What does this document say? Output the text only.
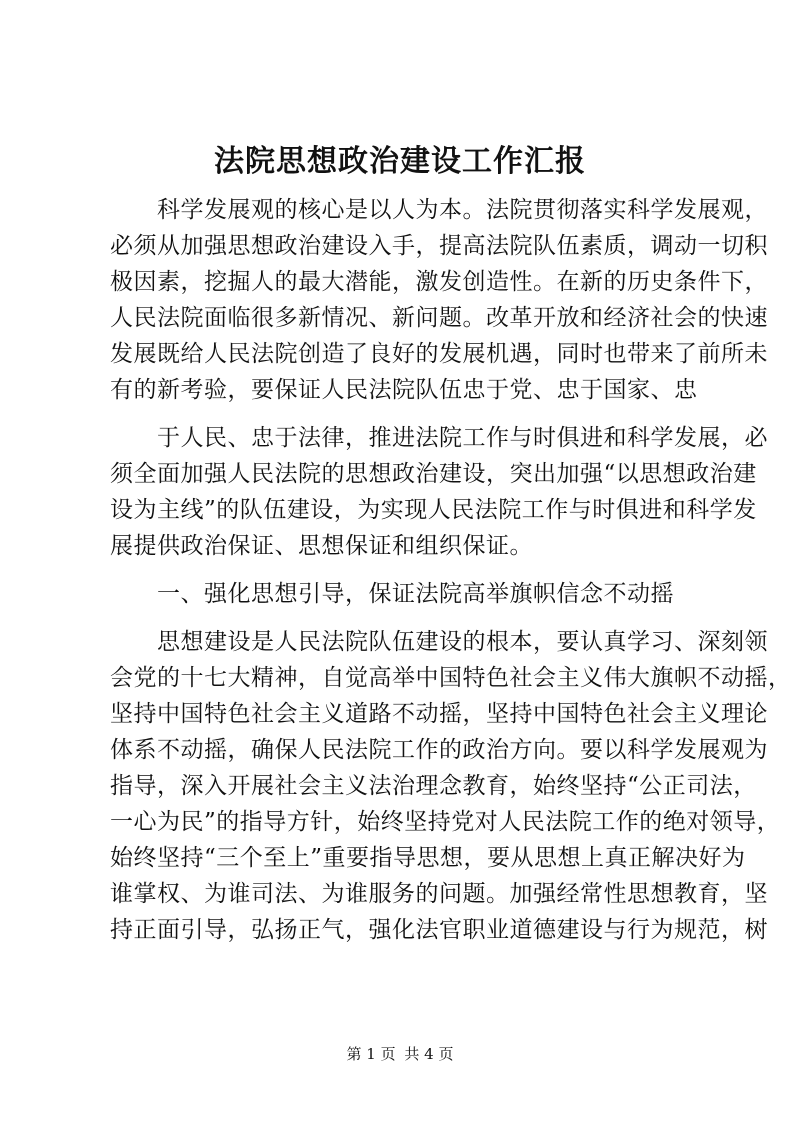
法院思想政治建设工作汇报

　　科学发展观的核心是以人为本。法院贯彻落实科学发展观，

必须从加强思想政治建设入手，提高法院队伍素质，调动一切积

极因素，挖掘人的最大潜能，激发创造性。在新的历史条件下，

人民法院面临很多新情况、新问题。改革开放和经济社会的快速

发展既给人民法院创造了良好的发展机遇，同时也带来了前所未

有的新考验，要保证人民法院队伍忠于党、忠于国家、忠

　　于人民、忠于法律，推进法院工作与时俱进和科学发展，必

须全面加强人民法院的思想政治建设，突出加强“以思想政治建

设为主线”的队伍建设，为实现人民法院工作与时俱进和科学发

展提供政治保证、思想保证和组织保证。

　　一、强化思想引导，保证法院高举旗帜信念不动摇

　　思想建设是人民法院队伍建设的根本，要认真学习、深刻领

会党的十七大精神，自觉高举中国特色社会主义伟大旗帜不动摇，

坚持中国特色社会主义道路不动摇，坚持中国特色社会主义理论

体系不动摇，确保人民法院工作的政治方向。要以科学发展观为

指导，深入开展社会主义法治理念教育，始终坚持“公正司法，

一心为民”的指导方针，始终坚持党对人民法院工作的绝对领导，

始终坚持“三个至上”重要指导思想，要从思想上真正解决好为

谁掌权、为谁司法、为谁服务的问题。加强经常性思想教育，坚

持正面引导，弘扬正气，强化法官职业道德建设与行为规范，树

第 1 页 共 4 页
